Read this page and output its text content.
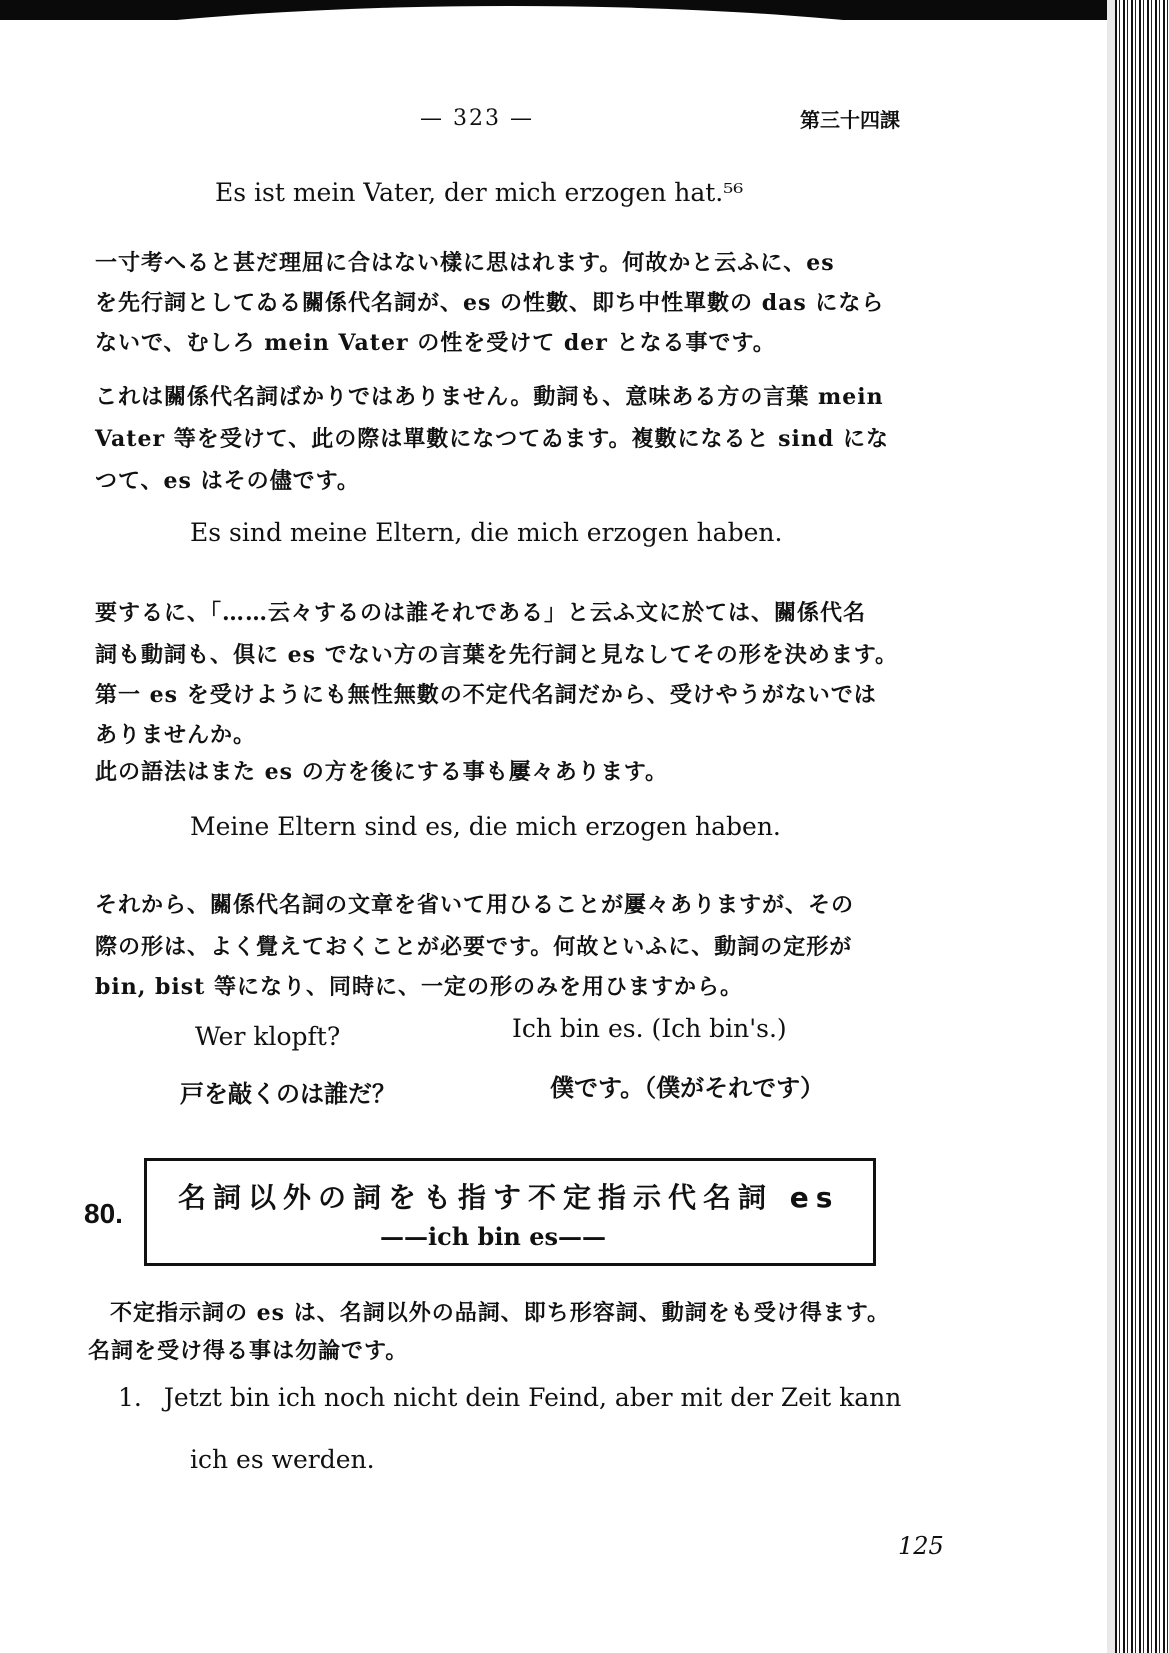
— 323 —	第三十四課
Es ist mein Vater, der mich erzogen hat.⁵⁶
一寸考へると甚だ理屈に合はない樣に思はれます。何故かと云ふに、es
を先行詞としてゐる關係代名詞が、es の性數、即ち中性單數の das になら
ないで、むしろ mein Vater の性を受けて der となる事です。
これは關係代名詞ばかりではありません。動詞も、意味ある方の言葉 mein
Vater 等を受けて、此の際は單數になつてゐます。複數になると sind にな
つて、es はその儘です。
Es sind meine Eltern, die mich erzogen haben.
要するに、「……云々するのは誰それである」と云ふ文に於ては、關係代名
詞も動詞も、倶に es でない方の言葉を先行詞と見なしてその形を決めます。
第一 es を受けようにも無性無數の不定代名詞だから、受けやうがないでは
ありませんか。
此の語法はまた es の方を後にする事も屢々あります。
Meine Eltern sind es, die mich erzogen haben.
それから、關係代名詞の文章を省いて用ひることが屢々ありますが、その
際の形は、よく覺えておくことが必要です。何故といふに、動詞の定形が
bin, bist 等になり、同時に、一定の形のみを用ひますから。
Wer klopft?	Ich bin es. (Ich bin's.)
戸を敲くのは誰だ？	僕です。（僕がそれです）
80. 名詞以外の詞をも指す不定指示代名詞 es
——ich bin es——
不定指示詞の es は、名詞以外の品詞、即ち形容詞、動詞をも受け得ます。
名詞を受け得る事は勿論です。
1. Jetzt bin ich noch nicht dein Feind, aber mit der Zeit kann
ich es werden.
125
